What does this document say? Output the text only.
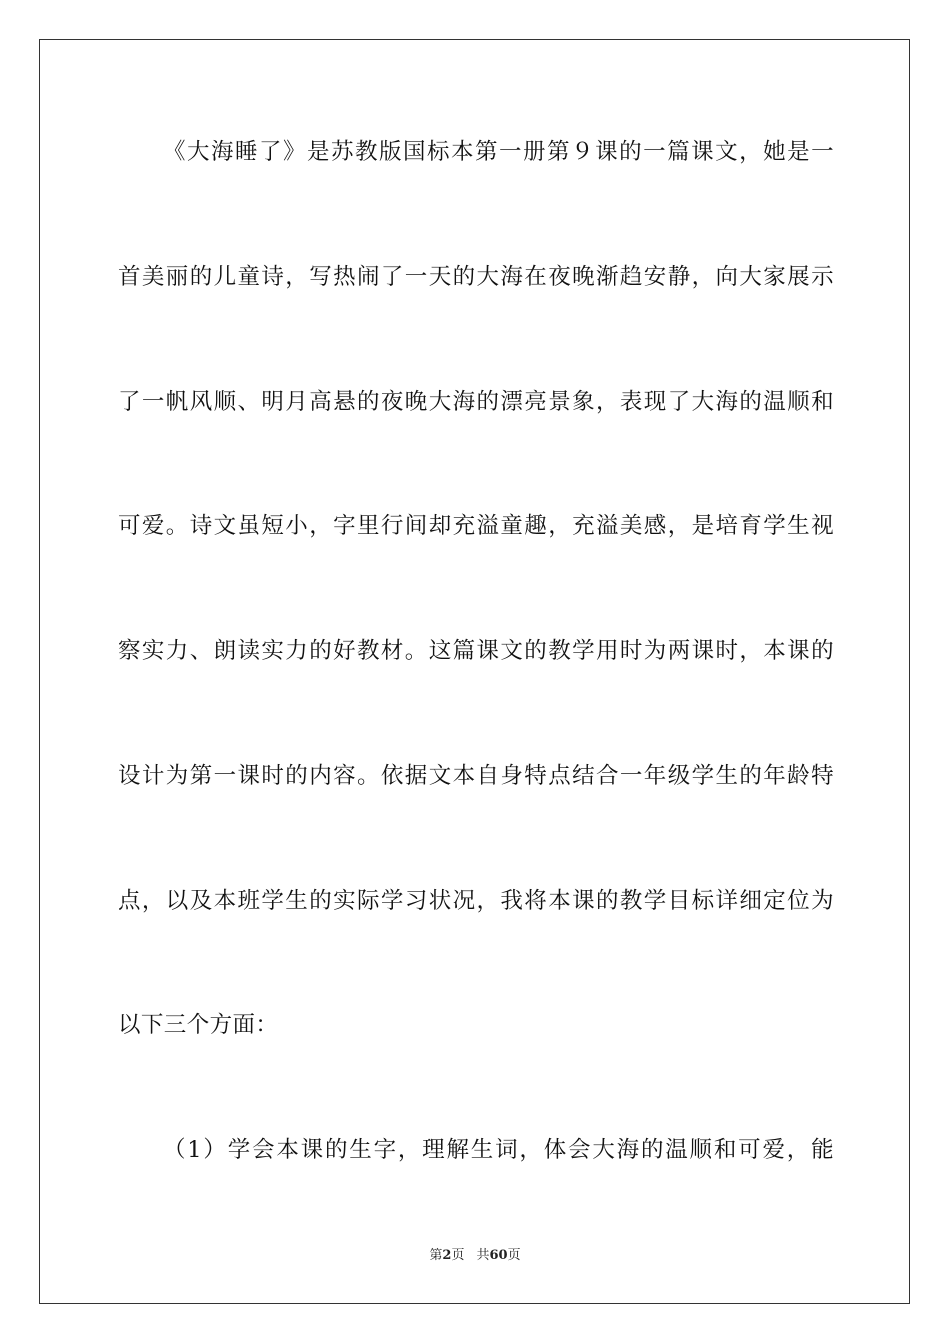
《大海睡了》是苏教版国标本第一册第９课的一篇课文，她是一
首美丽的儿童诗，写热闹了一天的大海在夜晚渐趋安静，向大家展示
了一帆风顺、明月高悬的夜晚大海的漂亮景象，表现了大海的温顺和
可爱。诗文虽短小，字里行间却充溢童趣，充溢美感，是培育学生视
察实力、朗读实力的好教材。这篇课文的教学用时为两课时，本课的
设计为第一课时的内容。依据文本自身特点结合一年级学生的年龄特
点，以及本班学生的实际学习状况，我将本课的教学目标详细定位为
以下三个方面：
（1）学会本课的生字，理解生词，体会大海的温顺和可爱，能
第2页 共60页
